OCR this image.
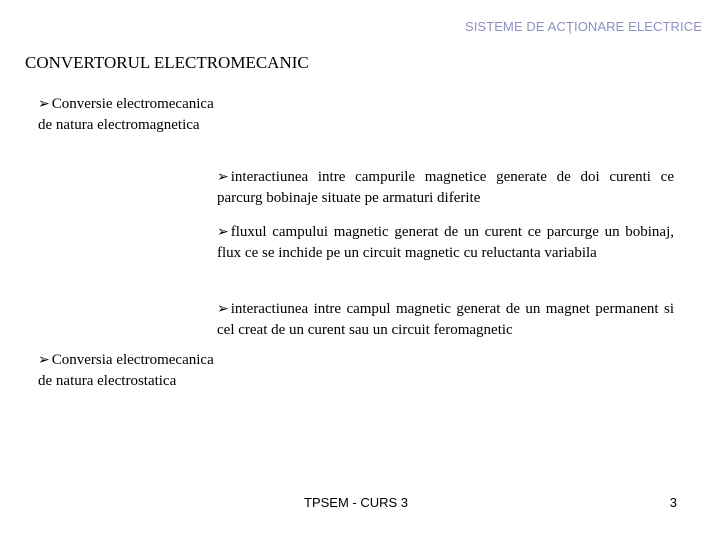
SISTEME DE ACŢIONARE ELECTRICE
CONVERTORUL ELECTROMECANIC
➢ Conversie electromecanica de natura electromagnetica
➢ Conversia electromecanica de natura electrostatica
➢ interactiunea intre campurile magnetice generate de doi curenti ce parcurg bobinaje situate pe armaturi diferite
➢ fluxul campului magnetic generat de un curent ce parcurge un bobinaj, flux ce se inchide pe un circuit magnetic cu reluctanta variabila
➢ interactiunea intre campul magnetic generat de un magnet permanent si cel creat de un curent sau un circuit feromagnetic
TPSEM - CURS 3	3
